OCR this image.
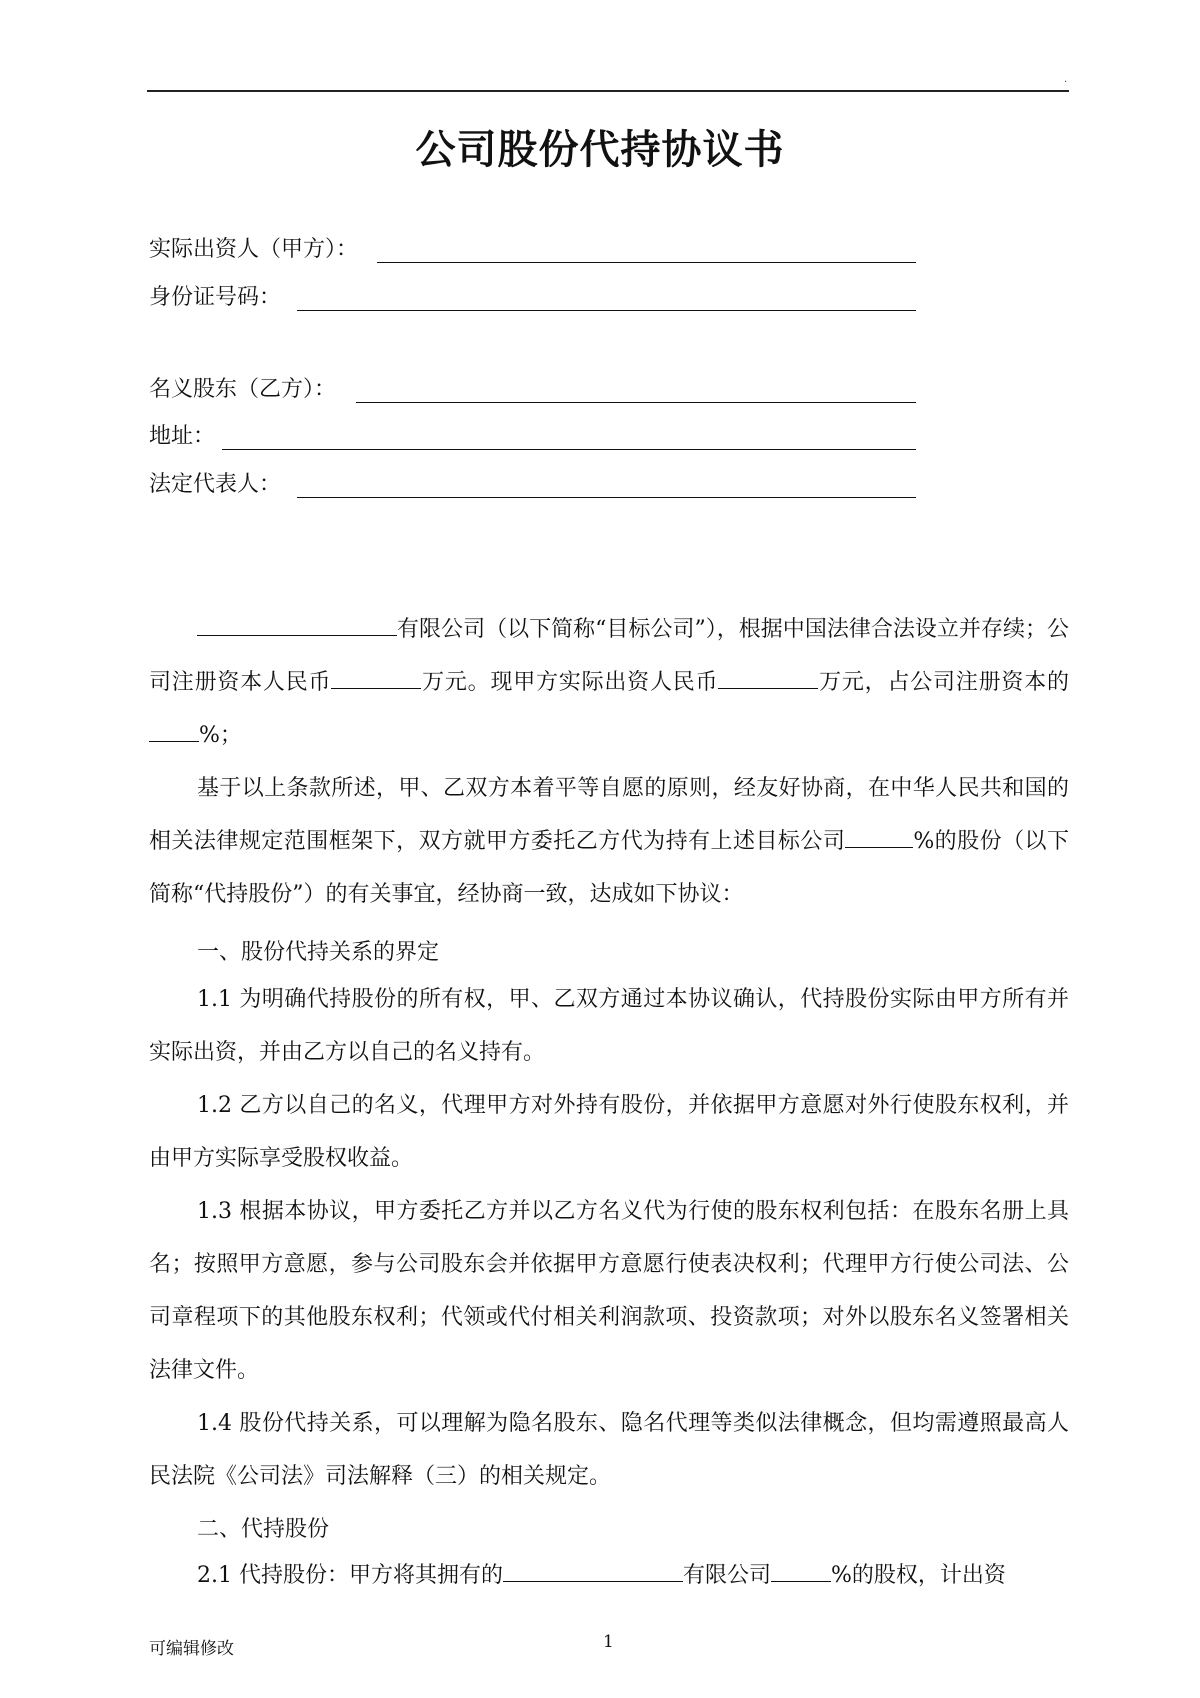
.
公司股份代持协议书
实际出资人（甲方）：
身份证号码：
名义股东（乙方）：
地址：
法定代表人：

有限公司（以下简称“目标公司”），根据中国法律合法设立并存续；公司注册资本人民币	万元。现甲方实际出资人民币	万元，占公司注册资本的%；

基于以上条款所述，甲、乙双方本着平等自愿的原则，经友好协商，在中华人民共和国的相关法律规定范围框架下，双方就甲方委托乙方代为持有上述目标公司	%的股份（以下简称“代持股份”）的有关事宜，经协商一致，达成如下协议：

一、股份代持关系的界定

1.1 为明确代持股份的所有权，甲、乙双方通过本协议确认，代持股份实际由甲方所有并实际出资，并由乙方以自己的名义持有。

1.2 乙方以自己的名义，代理甲方对外持有股份，并依据甲方意愿对外行使股东权利，并由甲方实际享受股权收益。

1.3 根据本协议，甲方委托乙方并以乙方名义代为行使的股东权利包括：在股东名册上具名；按照甲方意愿，参与公司股东会并依据甲方意愿行使表决权利；代理甲方行使公司法、公司章程项下的其他股东权利；代领或代付相关利润款项、投资款项；对外以股东名义签署相关法律文件。

1.4 股份代持关系，可以理解为隐名股东、隐名代理等类似法律概念，但均需遵照最高人民法院《公司法》司法解释（三）的相关规定。

二、代持股份

2.1 代持股份：甲方将其拥有的	有限公司	%的股权，计出资

可编辑修改	1
